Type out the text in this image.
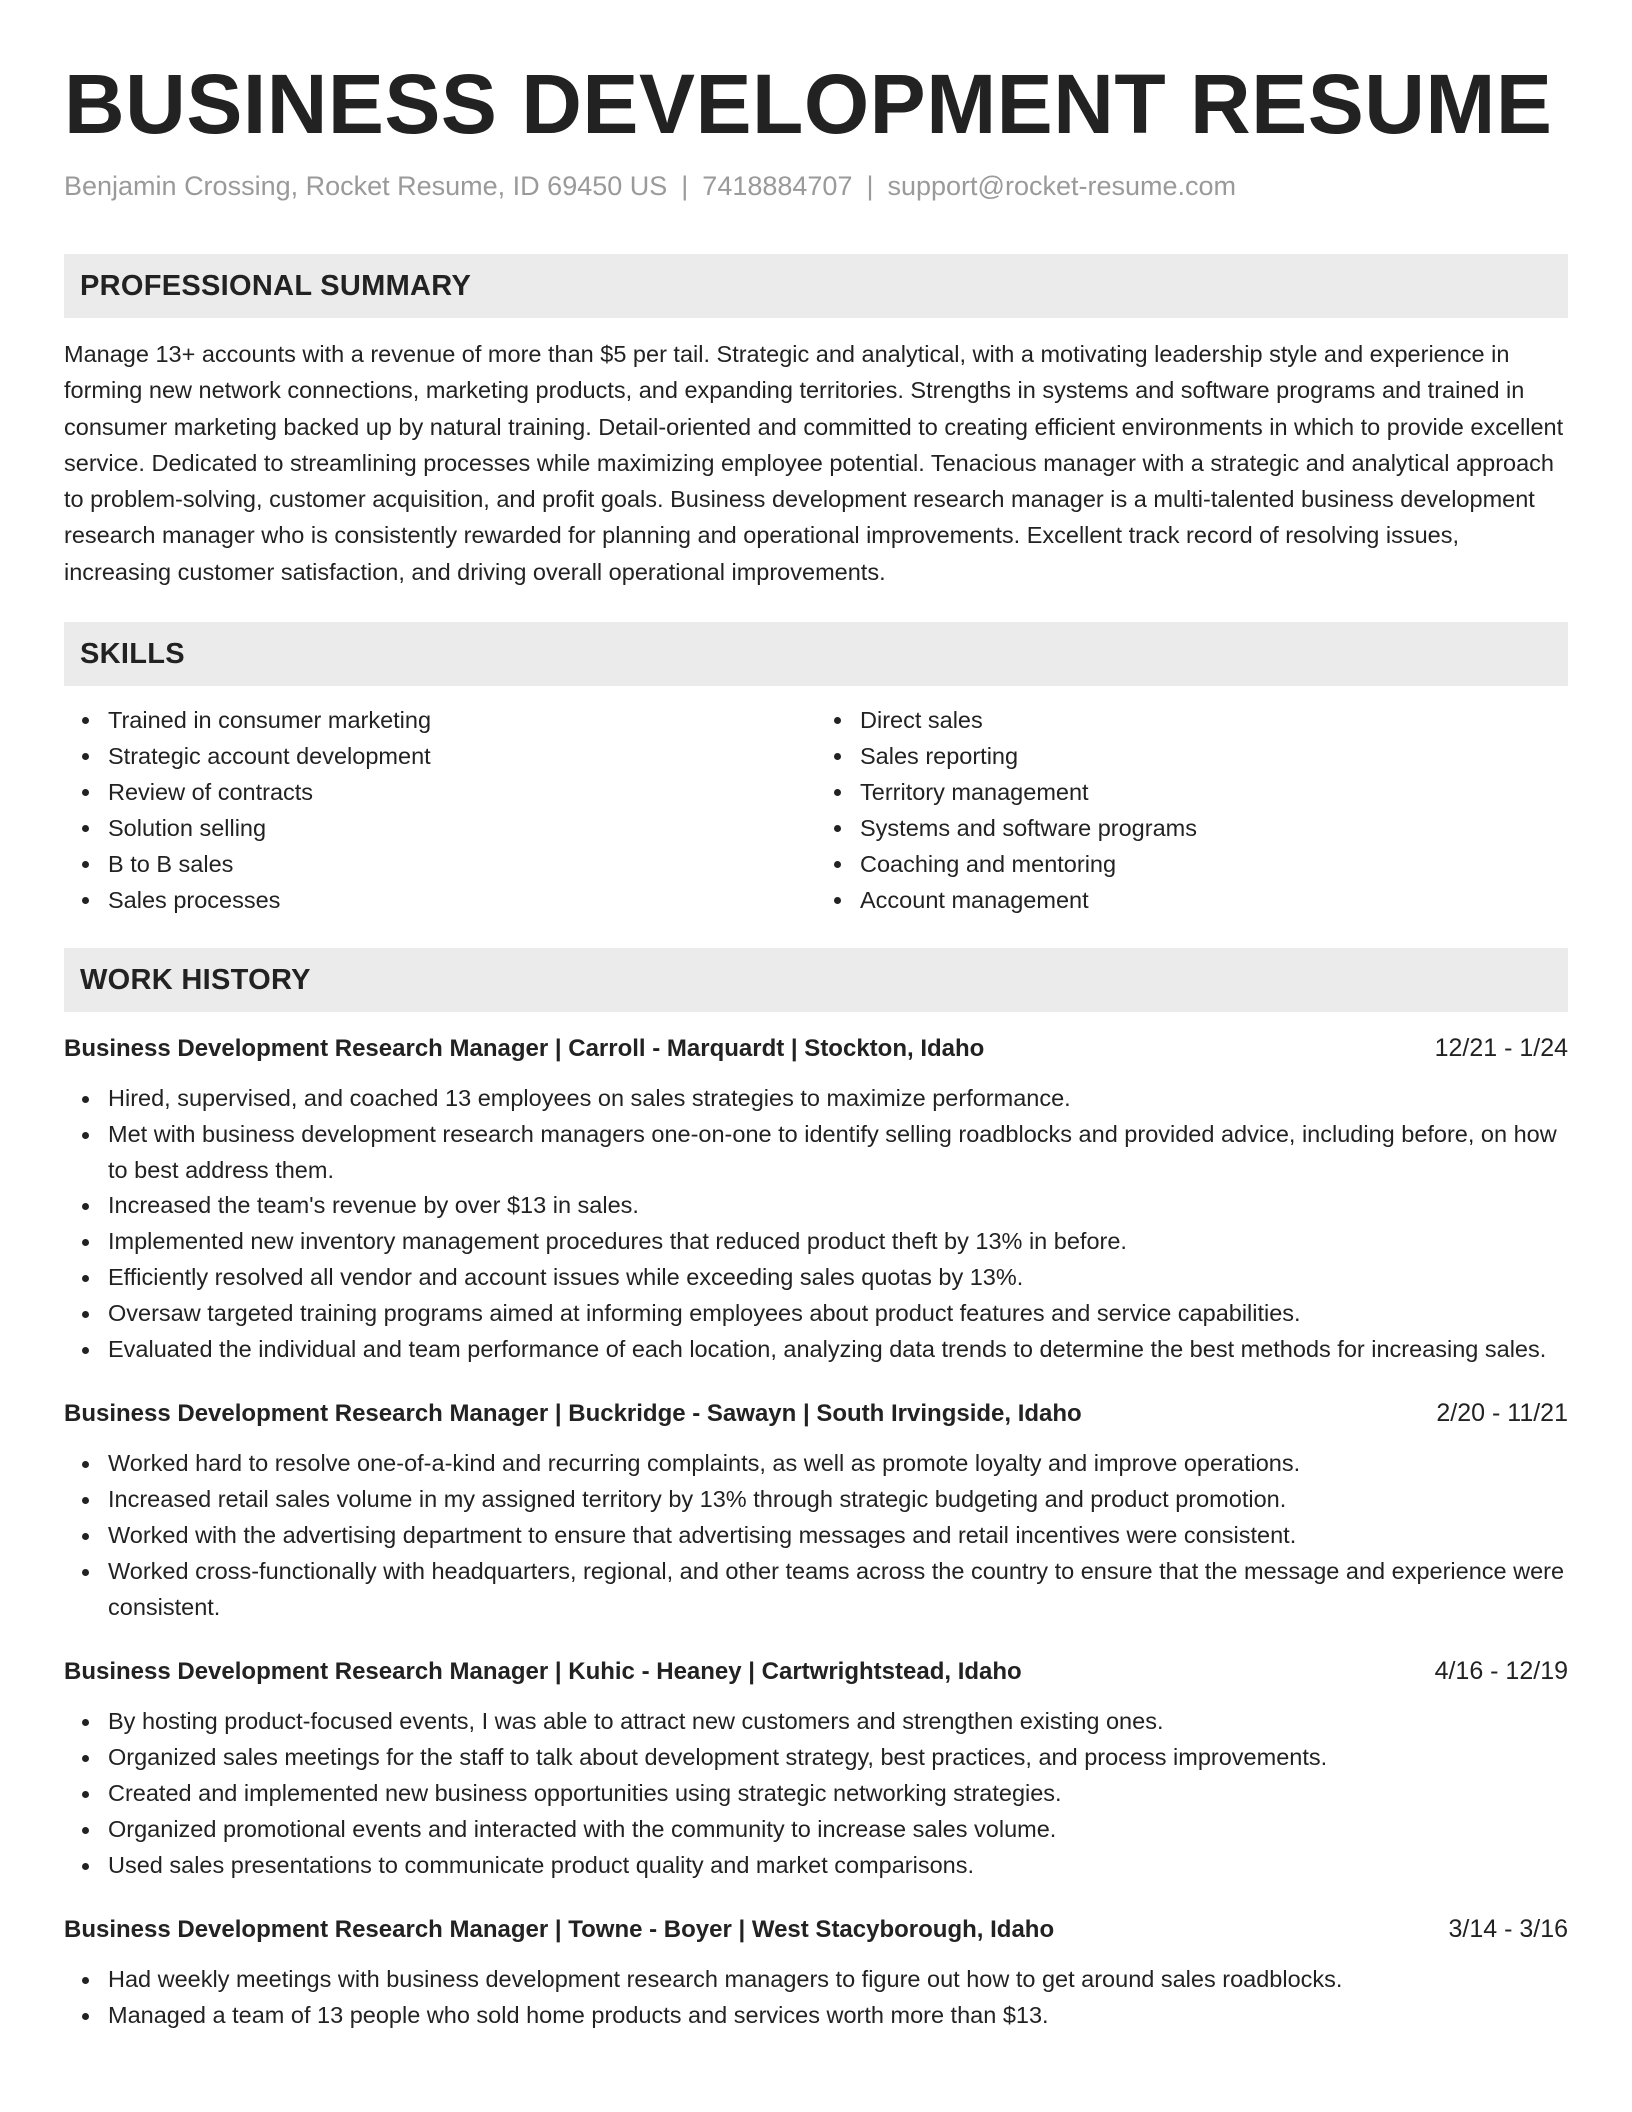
BUSINESS DEVELOPMENT RESUME
Benjamin Crossing, Rocket Resume, ID 69450 US | 7418884707 | support@rocket-resume.com
PROFESSIONAL SUMMARY
Manage 13+ accounts with a revenue of more than $5 per tail. Strategic and analytical, with a motivating leadership style and experience in forming new network connections, marketing products, and expanding territories. Strengths in systems and software programs and trained in consumer marketing backed up by natural training. Detail-oriented and committed to creating efficient environments in which to provide excellent service. Dedicated to streamlining processes while maximizing employee potential. Tenacious manager with a strategic and analytical approach to problem-solving, customer acquisition, and profit goals. Business development research manager is a multi-talented business development research manager who is consistently rewarded for planning and operational improvements. Excellent track record of resolving issues, increasing customer satisfaction, and driving overall operational improvements.
SKILLS
Trained in consumer marketing
Strategic account development
Review of contracts
Solution selling
B to B sales
Sales processes
Direct sales
Sales reporting
Territory management
Systems and software programs
Coaching and mentoring
Account management
WORK HISTORY
Business Development Research Manager | Carroll - Marquardt | Stockton, Idaho	12/21 - 1/24
Hired, supervised, and coached 13 employees on sales strategies to maximize performance.
Met with business development research managers one-on-one to identify selling roadblocks and provided advice, including before, on how to best address them.
Increased the team's revenue by over $13 in sales.
Implemented new inventory management procedures that reduced product theft by 13% in before.
Efficiently resolved all vendor and account issues while exceeding sales quotas by 13%.
Oversaw targeted training programs aimed at informing employees about product features and service capabilities.
Evaluated the individual and team performance of each location, analyzing data trends to determine the best methods for increasing sales.
Business Development Research Manager | Buckridge - Sawayn | South Irvingside, Idaho	2/20 - 11/21
Worked hard to resolve one-of-a-kind and recurring complaints, as well as promote loyalty and improve operations.
Increased retail sales volume in my assigned territory by 13% through strategic budgeting and product promotion.
Worked with the advertising department to ensure that advertising messages and retail incentives were consistent.
Worked cross-functionally with headquarters, regional, and other teams across the country to ensure that the message and experience were consistent.
Business Development Research Manager | Kuhic - Heaney | Cartwrightstead, Idaho	4/16 - 12/19
By hosting product-focused events, I was able to attract new customers and strengthen existing ones.
Organized sales meetings for the staff to talk about development strategy, best practices, and process improvements.
Created and implemented new business opportunities using strategic networking strategies.
Organized promotional events and interacted with the community to increase sales volume.
Used sales presentations to communicate product quality and market comparisons.
Business Development Research Manager | Towne - Boyer | West Stacyborough, Idaho	3/14 - 3/16
Had weekly meetings with business development research managers to figure out how to get around sales roadblocks.
Managed a team of 13 people who sold home products and services worth more than $13.
